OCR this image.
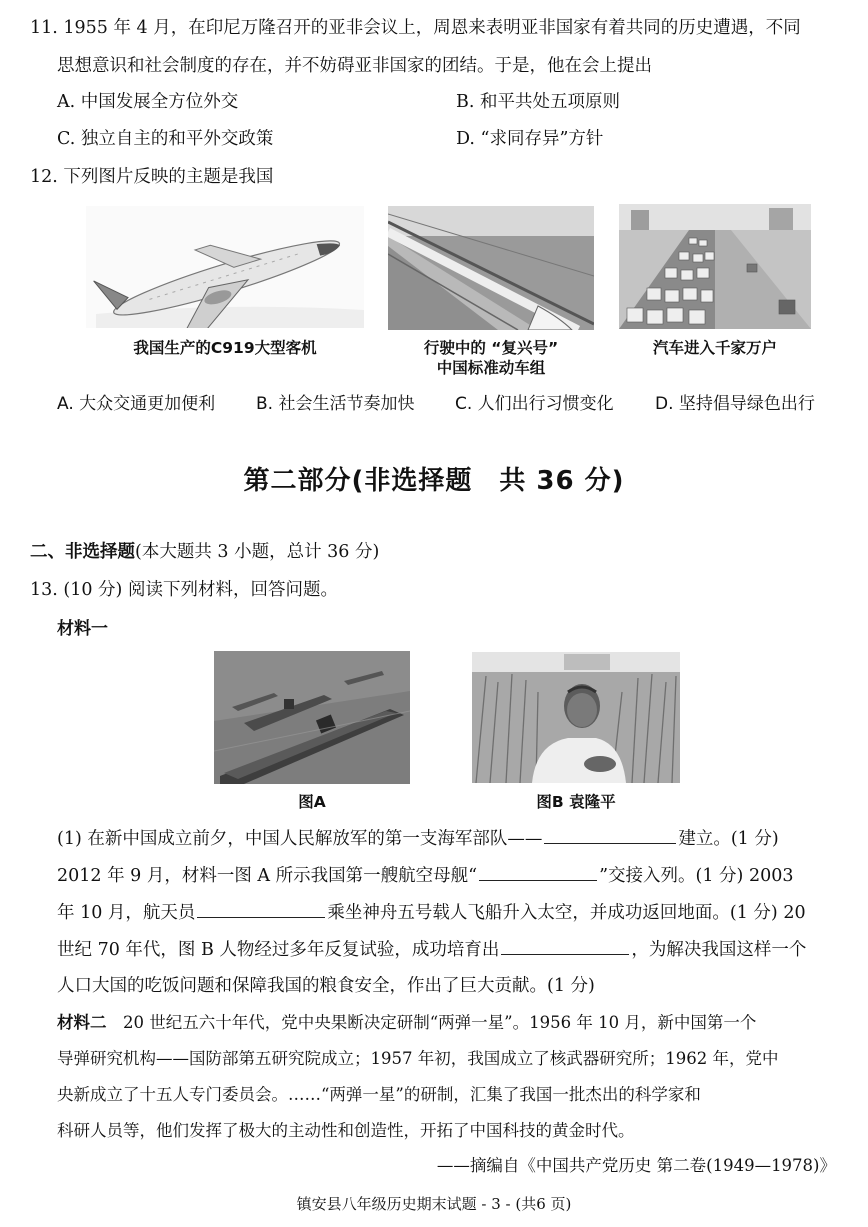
11. 1955 年 4 月，在印尼万隆召开的亚非会议上，周恩来表明亚非国家有着共同的历史遭遇，不同
思想意识和社会制度的存在，并不妨碍亚非国家的团结。于是，他在会上提出
A. 中国发展全方位外交	B. 和平共处五项原则
C. 独立自主的和平外交政策	D. “求同存异”方针
12. 下列图片反映的主题是我国
我国生产的C919大型客机	行驶中的 “复兴号”
中国标准动车组
汽车进入千家万户
A. 大众交通更加便利 B. 社会生活节奏加快 C. 人们出行习惯变化 D. 坚持倡导绿色出行
第二部分(非选择题　共 36 分)
二、非选择题(本大题共 3 小题，总计 36 分)
13. (10 分) 阅读下列材料，回答问题。
材料一
图A	图B 袁隆平
(1) 在新中国成立前夕，中国人民解放军的第一支海军部队——	建立。(1 分)
2012 年 9 月，材料一图 A 所示我国第一艘航空母舰“	”交接入列。(1 分) 2003
年 10 月，航天员	乘坐神舟五号载人飞船升入太空，并成功返回地面。(1 分) 20
世纪 70 年代，图 B 人物经过多年反复试验，成功培育出	，为解决我国这样一个
人口大国的吃饭问题和保障我国的粮食安全，作出了巨大贡献。(1 分)
材料二　20 世纪五六十年代，党中央果断决定研制“两弹一星”。1956 年 10 月，新中国第一个
导弹研究机构——国防部第五研究院成立；1957 年初，我国成立了核武器研究所；1962 年，党中
央新成立了十五人专门委员会。……“两弹一星”的研制，汇集了我国一批杰出的科学家和
科研人员等，他们发挥了极大的主动性和创造性，开拓了中国科技的黄金时代。
——摘编自《中国共产党历史 第二卷(1949—1978)》
镇安县八年级历史期末试题 - 3 - (共6 页)
